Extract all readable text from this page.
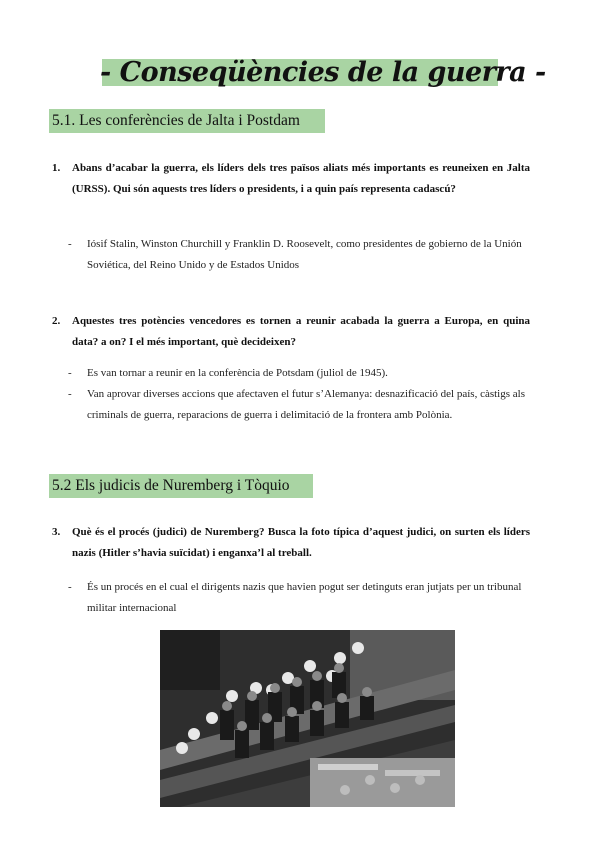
- Conseqüències de la guerra -
5.1. Les conferències de Jalta i Postdam
1. Abans d’acabar la guerra, els líders dels tres països aliats més importants es reuneixen en Jalta (URSS). Qui són aquests tres líders o presidents, i a quin país representa cadascú?
- Iósif Stalin, Winston Churchill y Franklin D. Roosevelt, como presidentes de gobierno de la Unión Soviética, del Reino Unido y de Estados Unidos
2. Aquestes tres potències vencedores es tornen a reunir acabada la guerra a Europa, en quina data? a on? I el més important, què decideixen?
- Es van tornar a reunir en la conferència de Potsdam (juliol de 1945).
- Van aprovar diverses accions que afectaven el futur s’Alemanya: desnazificació del país, càstigs als criminals de guerra, reparacions de guerra i delimitació de la frontera amb Polònia.
5.2 Els judicis de Nuremberg i Tòquio
3. Què és el procés (judici) de Nuremberg? Busca la foto típica d’aquest judici, on surten els líders nazis (Hitler s’havia suïcidat) i enganxa’l al treball.
- És un procés en el cual el dirigents nazis que havien pogut ser detinguts eran jutjats per un tribunal militar internacional
